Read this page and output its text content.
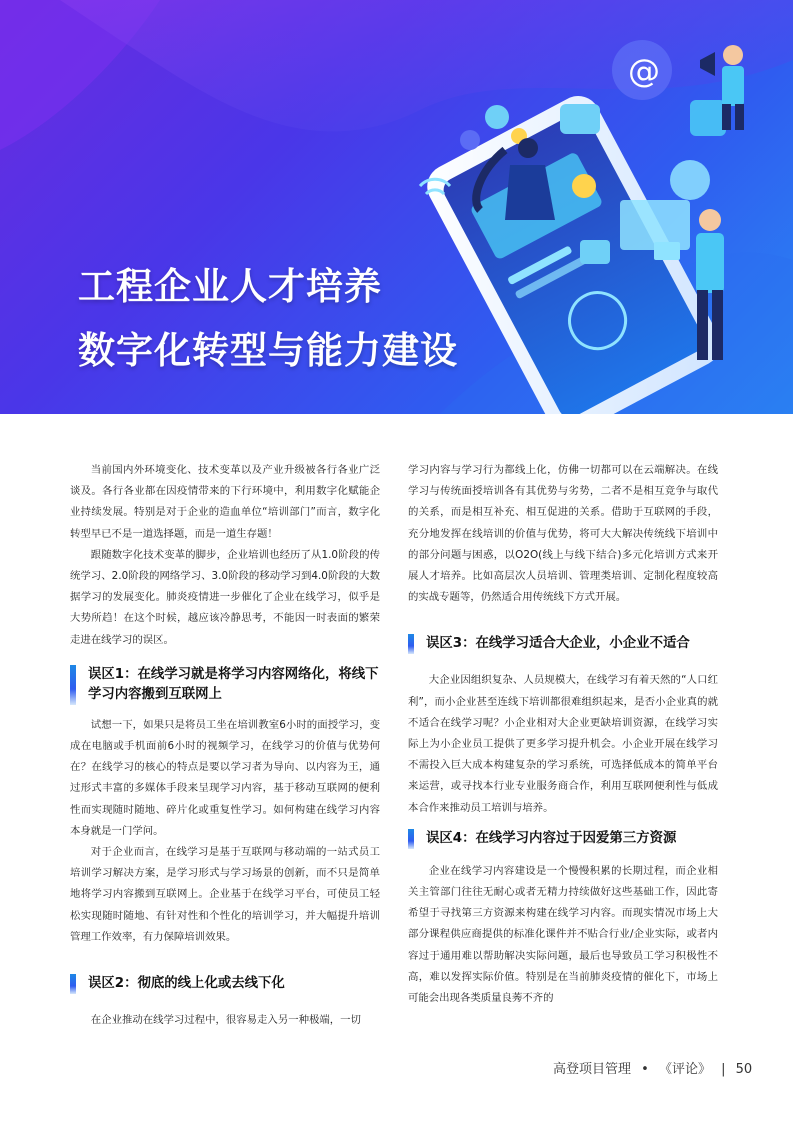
@
工程企业人才培养
数字化转型与能力建设

当前国内外环境变化、技术变革以及产业升级被各行各业广泛谈及。各行各业都在因疫情带来的下行环境中，利用数字化赋能企业持续发展。特别是对于企业的造血单位“培训部门”而言，数字化转型早已不是一道选择题，而是一道生存题！

跟随数字化技术变革的脚步，企业培训也经历了从1.0阶段的传统学习、2.0阶段的网络学习、3.0阶段的移动学习到4.0阶段的大数据学习的发展变化。肺炎疫情进一步催化了企业在线学习，似乎是大势所趋！在这个时候，越应该冷静思考，不能因一时表面的繁荣走进在线学习的误区。

误区1：在线学习就是将学习内容网络化，将线下学习内容搬到互联网上

试想一下，如果只是将员工坐在培训教室6小时的面授学习，变成在电脑或手机面前6小时的视频学习，在线学习的价值与优势何在？在线学习的核心的特点是要以学习者为导向、以内容为王，通过形式丰富的多媒体手段来呈现学习内容，基于移动互联网的便利性而实现随时随地、碎片化或重复性学习。如何构建在线学习内容本身就是一门学问。

对于企业而言，在线学习是基于互联网与移动端的一站式员工培训学习解决方案，是学习形式与学习场景的创新，而不只是简单地将学习内容搬到互联网上。企业基于在线学习平台，可使员工轻松实现随时随地、有针对性和个性化的培训学习，并大幅提升培训管理工作效率，有力保障培训效果。

误区2：彻底的线上化或去线下化

在企业推动在线学习过程中，很容易走入另一种极端，一切

学习内容与学习行为都线上化，仿佛一切都可以在云端解决。在线学习与传统面授培训各有其优势与劣势，二者不是相互竞争与取代的关系，而是相互补充、相互促进的关系。借助于互联网的手段，充分地发挥在线培训的价值与优势，将可大大解决传统线下培训中的部分问题与困惑，以O2O(线上与线下结合)多元化培训方式来开展人才培养。比如高层次人员培训、管理类培训、定制化程度较高的实战专题等，仍然适合用传统线下方式开展。

误区3：在线学习适合大企业，小企业不适合

大企业因组织复杂、人员规模大，在线学习有着天然的“人口红利”，而小企业甚至连线下培训都很难组织起来，是否小企业真的就不适合在线学习呢？小企业相对大企业更缺培训资源，在线学习实际上为小企业员工提供了更多学习提升机会。小企业开展在线学习不需投入巨大成本构建复杂的学习系统，可选择低成本的简单平台来运营，或寻找本行业专业服务商合作，利用互联网便利性与低成本合作来推动员工培训与培养。

误区4：在线学习内容过于因爱第三方资源

企业在线学习内容建设是一个慢慢积累的长期过程，而企业相关主管部门往往无耐心或者无精力持续做好这些基础工作，因此寄希望于寻找第三方资源来构建在线学习内容。而现实情况市场上大部分课程供应商提供的标准化课件并不贴合行业/企业实际，或者内容过于通用难以帮助解决实际问题，最后也导致员工学习积极性不高，难以发挥实际价值。特别是在当前肺炎疫情的催化下，市场上可能会出现各类质量良莠不齐的

高登项目管理 • 《评论》 | 50
